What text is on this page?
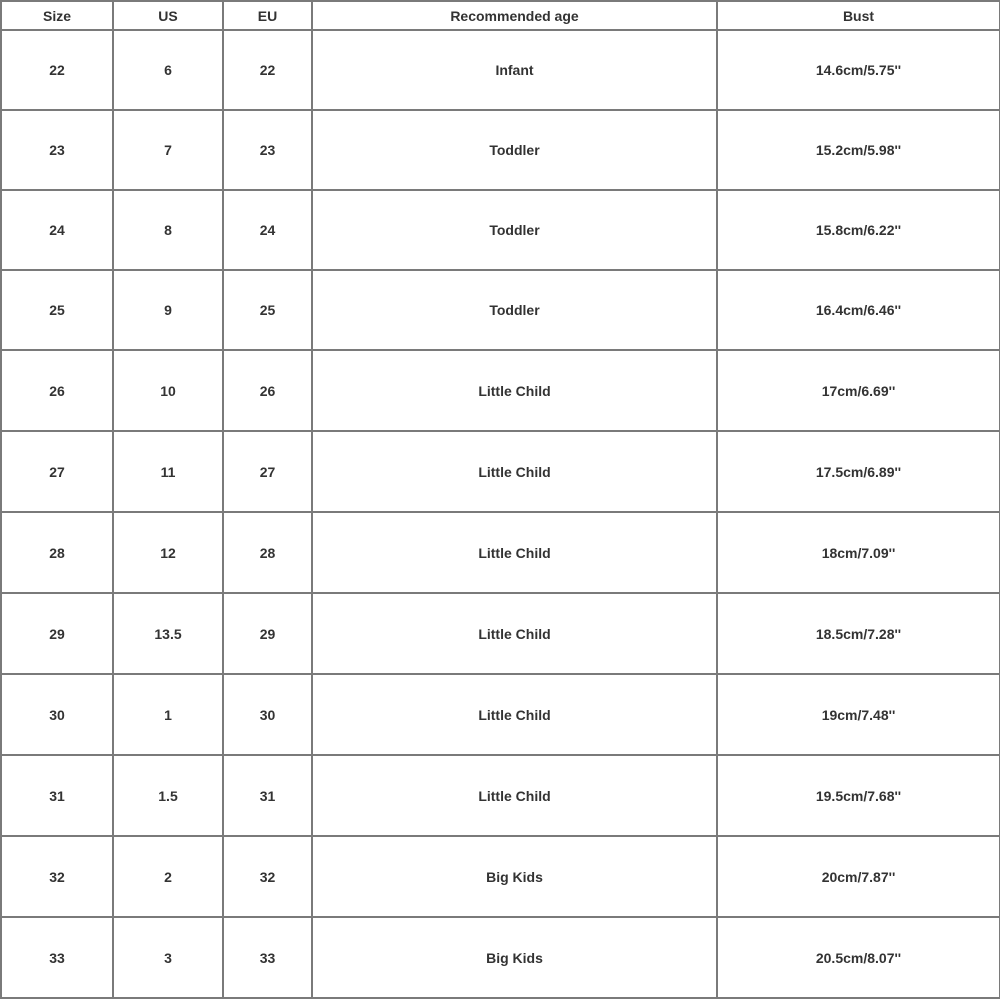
Size	US	EU	Recommended age	Bust
22	6	22	Infant	14.6cm/5.75''
23	7	23	Toddler	15.2cm/5.98''
24	8	24	Toddler	15.8cm/6.22''
25	9	25	Toddler	16.4cm/6.46''
26	10	26	Little Child	17cm/6.69''
27	11	27	Little Child	17.5cm/6.89''
28	12	28	Little Child	18cm/7.09''
29	13.5	29	Little Child	18.5cm/7.28''
30	1	30	Little Child	19cm/7.48''
31	1.5	31	Little Child	19.5cm/7.68''
32	2	32	Big Kids	20cm/7.87''
33	3	33	Big Kids	20.5cm/8.07''
